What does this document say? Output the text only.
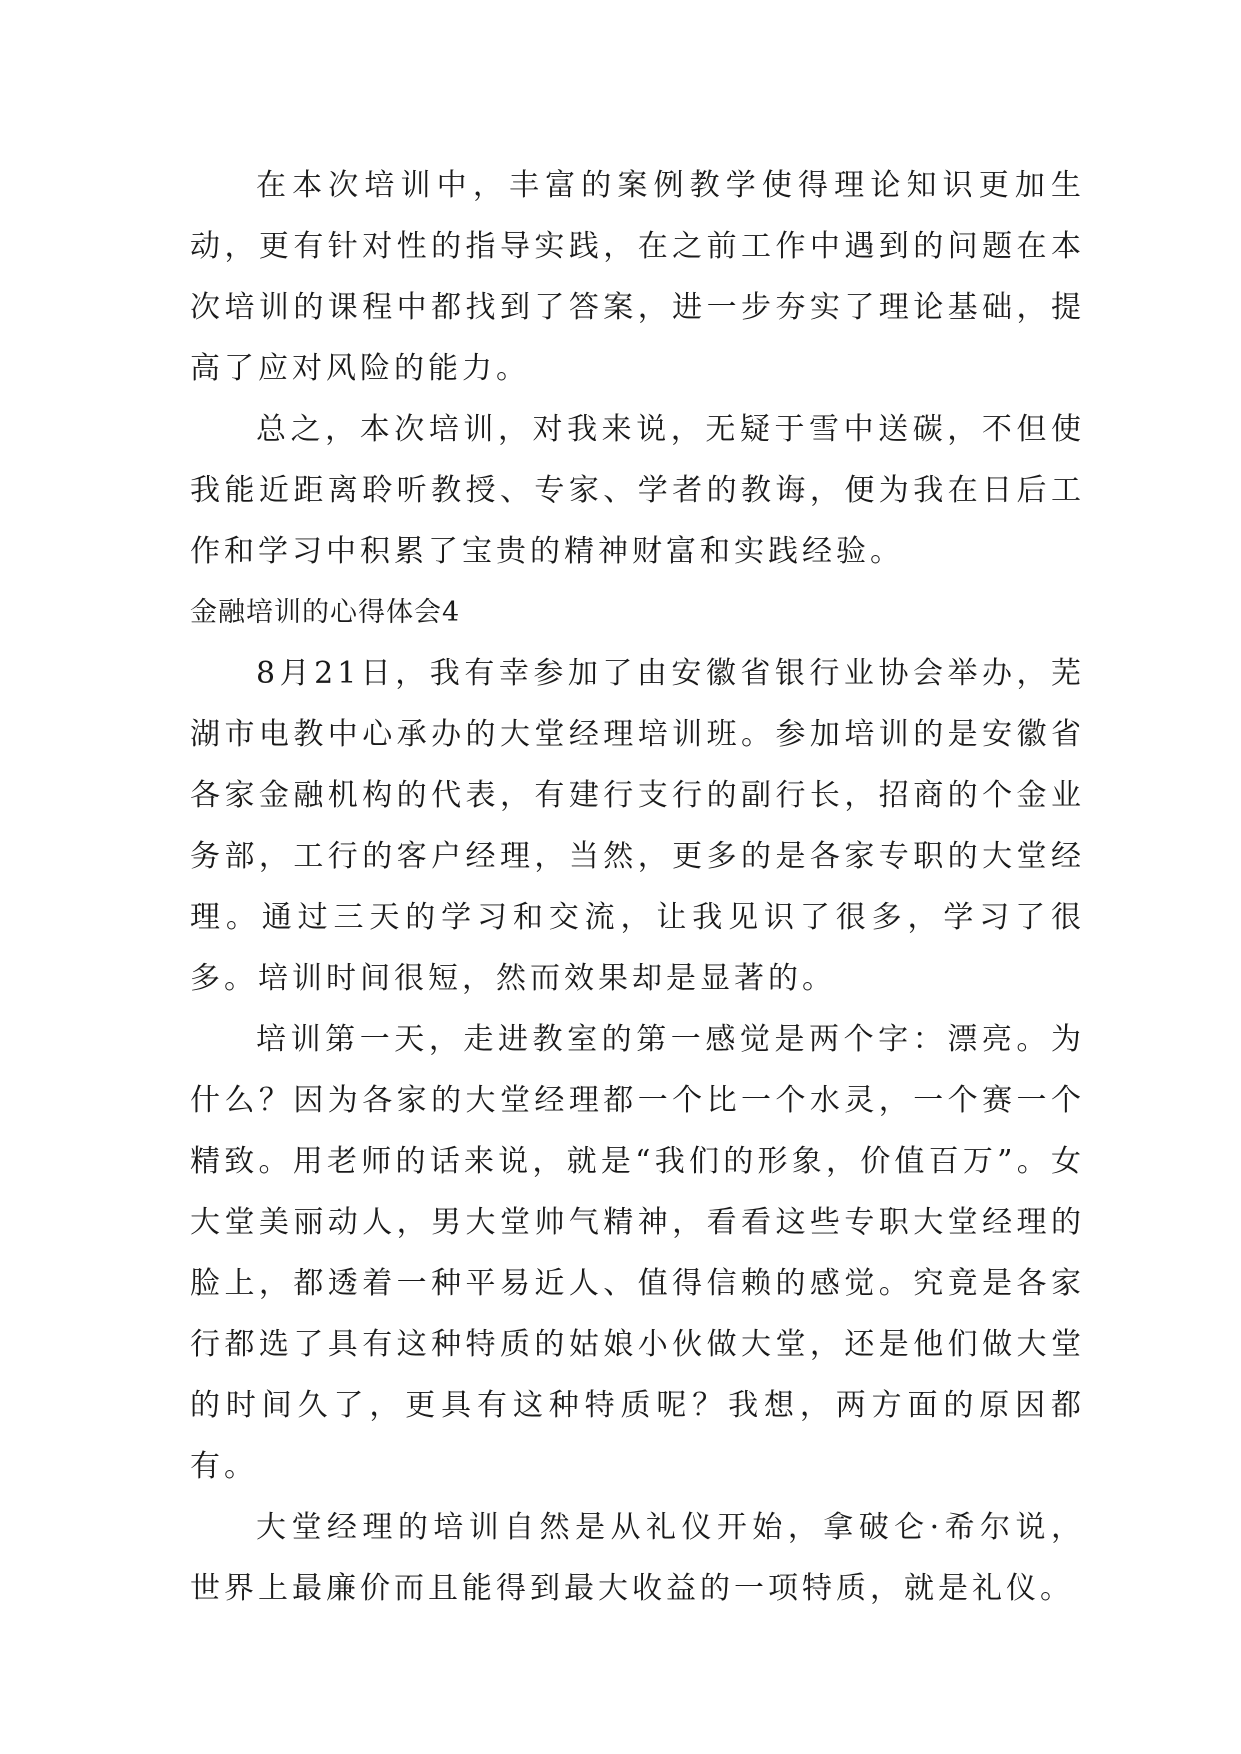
在本次培训中，丰富的案例教学使得理论知识更加生动，更有针对性的指导实践，在之前工作中遇到的问题在本次培训的课程中都找到了答案，进一步夯实了理论基础，提高了应对风险的能力。

总之，本次培训，对我来说，无疑于雪中送碳，不但使我能近距离聆听教授、专家、学者的教诲，便为我在日后工作和学习中积累了宝贵的精神财富和实践经验。

金融培训的心得体会4

8月21日，我有幸参加了由安徽省银行业协会举办，芜湖市电教中心承办的大堂经理培训班。参加培训的是安徽省各家金融机构的代表，有建行支行的副行长，招商的个金业务部，工行的客户经理，当然，更多的是各家专职的大堂经理。通过三天的学习和交流，让我见识了很多，学习了很多。培训时间很短，然而效果却是显著的。

培训第一天，走进教室的第一感觉是两个字：漂亮。为什么？因为各家的大堂经理都一个比一个水灵，一个赛一个精致。用老师的话来说，就是“我们的形象，价值百万”。女大堂美丽动人，男大堂帅气精神，看看这些专职大堂经理的脸上，都透着一种平易近人、值得信赖的感觉。究竟是各家行都选了具有这种特质的姑娘小伙做大堂，还是他们做大堂的时间久了，更具有这种特质呢？我想，两方面的原因都有。

大堂经理的培训自然是从礼仪开始，拿破仑·希尔说，世界上最廉价而且能得到最大收益的一项特质，就是礼仪。
